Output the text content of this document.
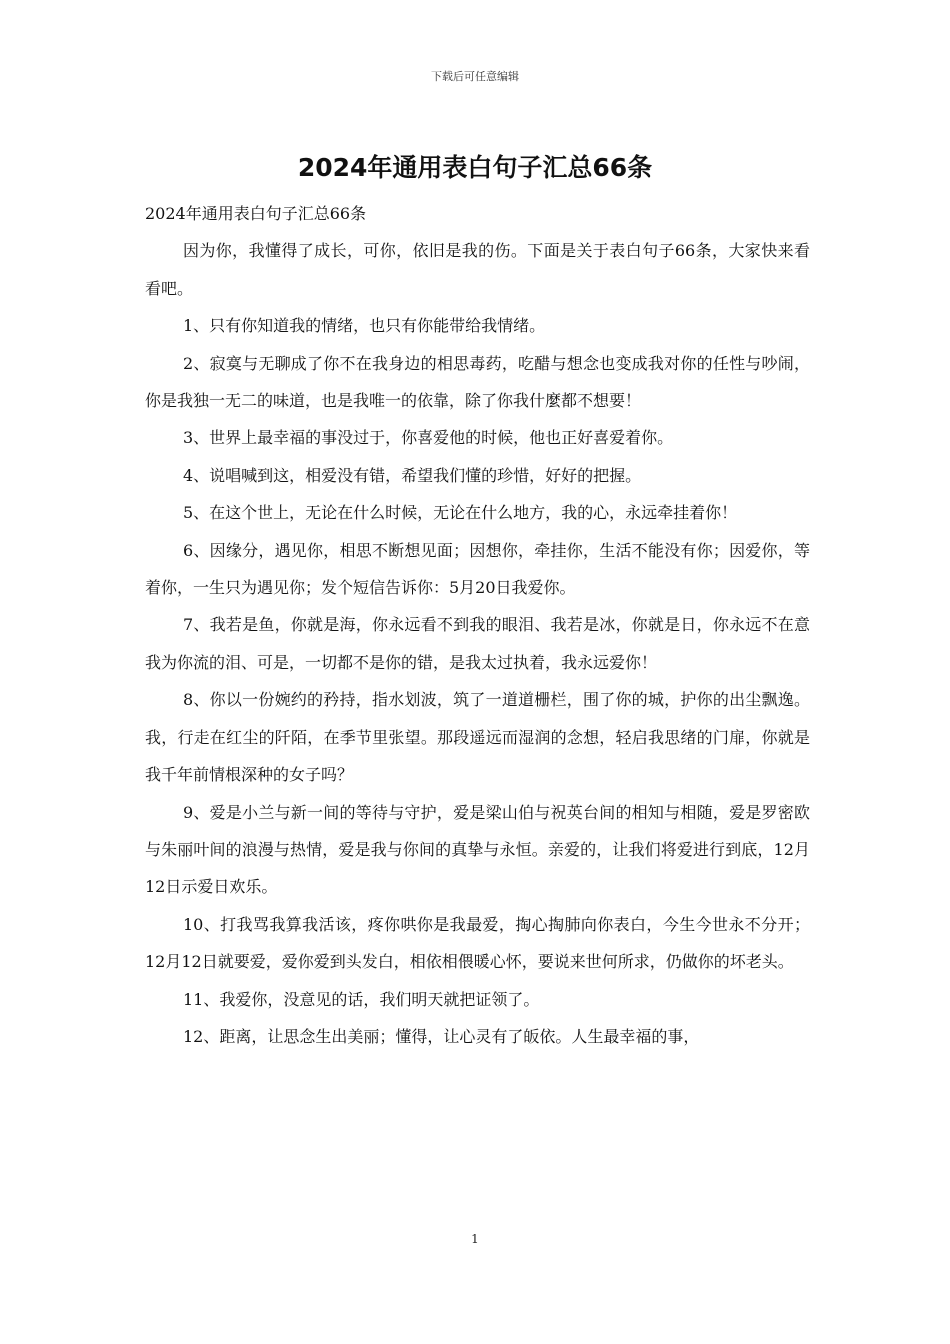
下载后可任意编辑
2024年通用表白句子汇总66条

2024年通用表白句子汇总66条

因为你，我懂得了成长，可你，依旧是我的伤。下面是关于表白句子66条，大家快来看看吧。

1、只有你知道我的情绪，也只有你能带给我情绪。

2、寂寞与无聊成了你不在我身边的相思毒药，吃醋与想念也变成我对你的任性与吵闹，你是我独一无二的味道，也是我唯一的依靠，除了你我什麼都不想要！

3、世界上最幸福的事没过于，你喜爱他的时候，他也正好喜爱着你。

4、说唱喊到这，相爱没有错，希望我们懂的珍惜，好好的把握。

5、在这个世上，无论在什么时候，无论在什么地方，我的心，永远牵挂着你！

6、因缘分，遇见你，相思不断想见面；因想你，牵挂你，生活不能没有你；因爱你，等着你，一生只为遇见你；发个短信告诉你：5月20日我爱你。

7、我若是鱼，你就是海，你永远看不到我的眼泪、我若是冰，你就是日，你永远不在意我为你流的泪、可是，一切都不是你的错，是我太过执着，我永远爱你！

8、你以一份婉约的矜持，指水划波，筑了一道道栅栏，围了你的城，护你的出尘飘逸。我，行走在红尘的阡陌，在季节里张望。那段遥远而湿润的念想，轻启我思绪的门扉，你就是我千年前情根深种的女子吗？

9、爱是小兰与新一间的等待与守护，爱是梁山伯与祝英台间的相知与相随，爱是罗密欧与朱丽叶间的浪漫与热情，爱是我与你间的真挚与永恒。亲爱的，让我们将爱进行到底，12月12日示爱日欢乐。

10、打我骂我算我活该，疼你哄你是我最爱，掏心掏肺向你表白，今生今世永不分开；12月12日就要爱，爱你爱到头发白，相依相偎暖心怀，要说来世何所求，仍做你的坏老头。

11、我爱你，没意见的话，我们明天就把证领了。

12、距离，让思念生出美丽；懂得，让心灵有了皈依。人生最幸福的事，

1
